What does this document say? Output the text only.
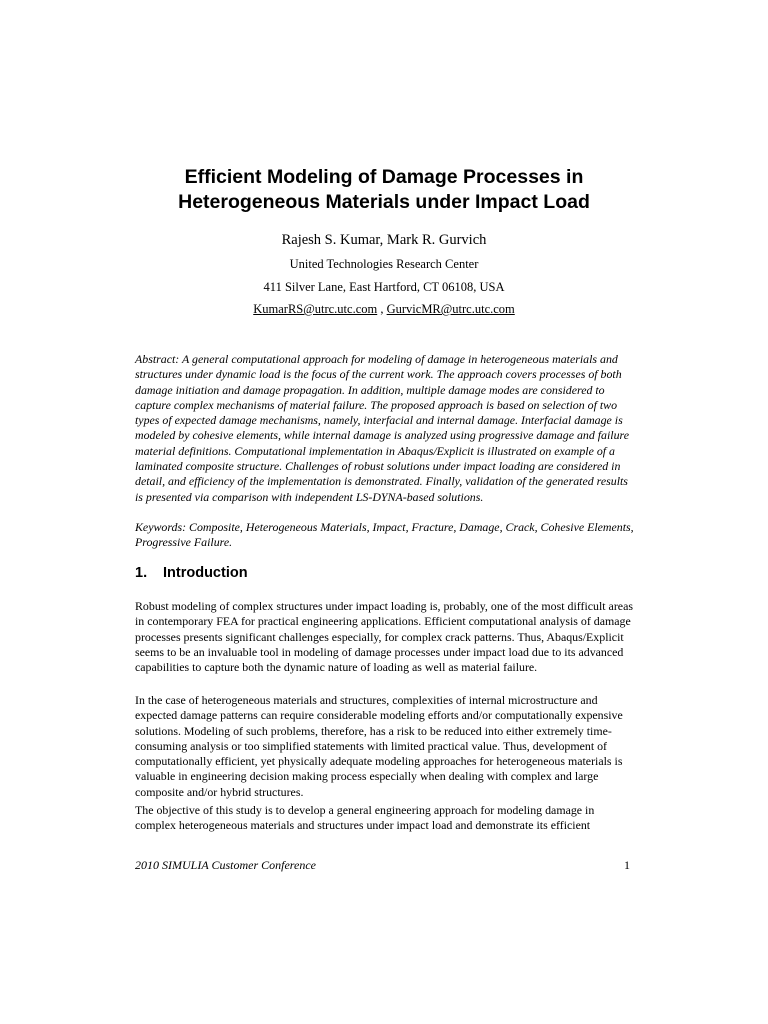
Efficient Modeling of Damage Processes in
Heterogeneous Materials under Impact Load
Rajesh S. Kumar, Mark R. Gurvich
United Technologies Research Center
411 Silver Lane, East Hartford, CT 06108, USA
KumarRS@utrc.utc.com , GurvicMR@utrc.utc.com
Abstract: A general computational approach for modeling of damage in heterogeneous materials and structures under dynamic load is the focus of the current work. The approach covers processes of both damage initiation and damage propagation. In addition, multiple damage modes are considered to capture complex mechanisms of material failure. The proposed approach is based on selection of two types of expected damage mechanisms, namely, interfacial and internal damage. Interfacial damage is modeled by cohesive elements, while internal damage is analyzed using progressive damage and failure material definitions. Computational implementation in Abaqus/Explicit is illustrated on example of a laminated composite structure. Challenges of robust solutions under impact loading are considered in detail, and efficiency of the implementation is demonstrated. Finally, validation of the generated results is presented via comparison with independent LS-DYNA-based solutions.
Keywords: Composite, Heterogeneous Materials, Impact, Fracture, Damage, Crack, Cohesive Elements, Progressive Failure.
1. Introduction
Robust modeling of complex structures under impact loading is, probably, one of the most difficult areas in contemporary FEA for practical engineering applications. Efficient computational analysis of damage processes presents significant challenges especially, for complex crack patterns. Thus, Abaqus/Explicit seems to be an invaluable tool in modeling of damage processes under impact load due to its advanced capabilities to capture both the dynamic nature of loading as well as material failure.
In the case of heterogeneous materials and structures, complexities of internal microstructure and expected damage patterns can require considerable modeling efforts and/or computationally expensive solutions. Modeling of such problems, therefore, has a risk to be reduced into either extremely time-consuming analysis or too simplified statements with limited practical value. Thus, development of computationally efficient, yet physically adequate modeling approaches for heterogeneous materials is valuable in engineering decision making process especially when dealing with complex and large composite and/or hybrid structures.
The objective of this study is to develop a general engineering approach for modeling damage in complex heterogeneous materials and structures under impact load and demonstrate its efficient
2010 SIMULIA Customer Conference	1
